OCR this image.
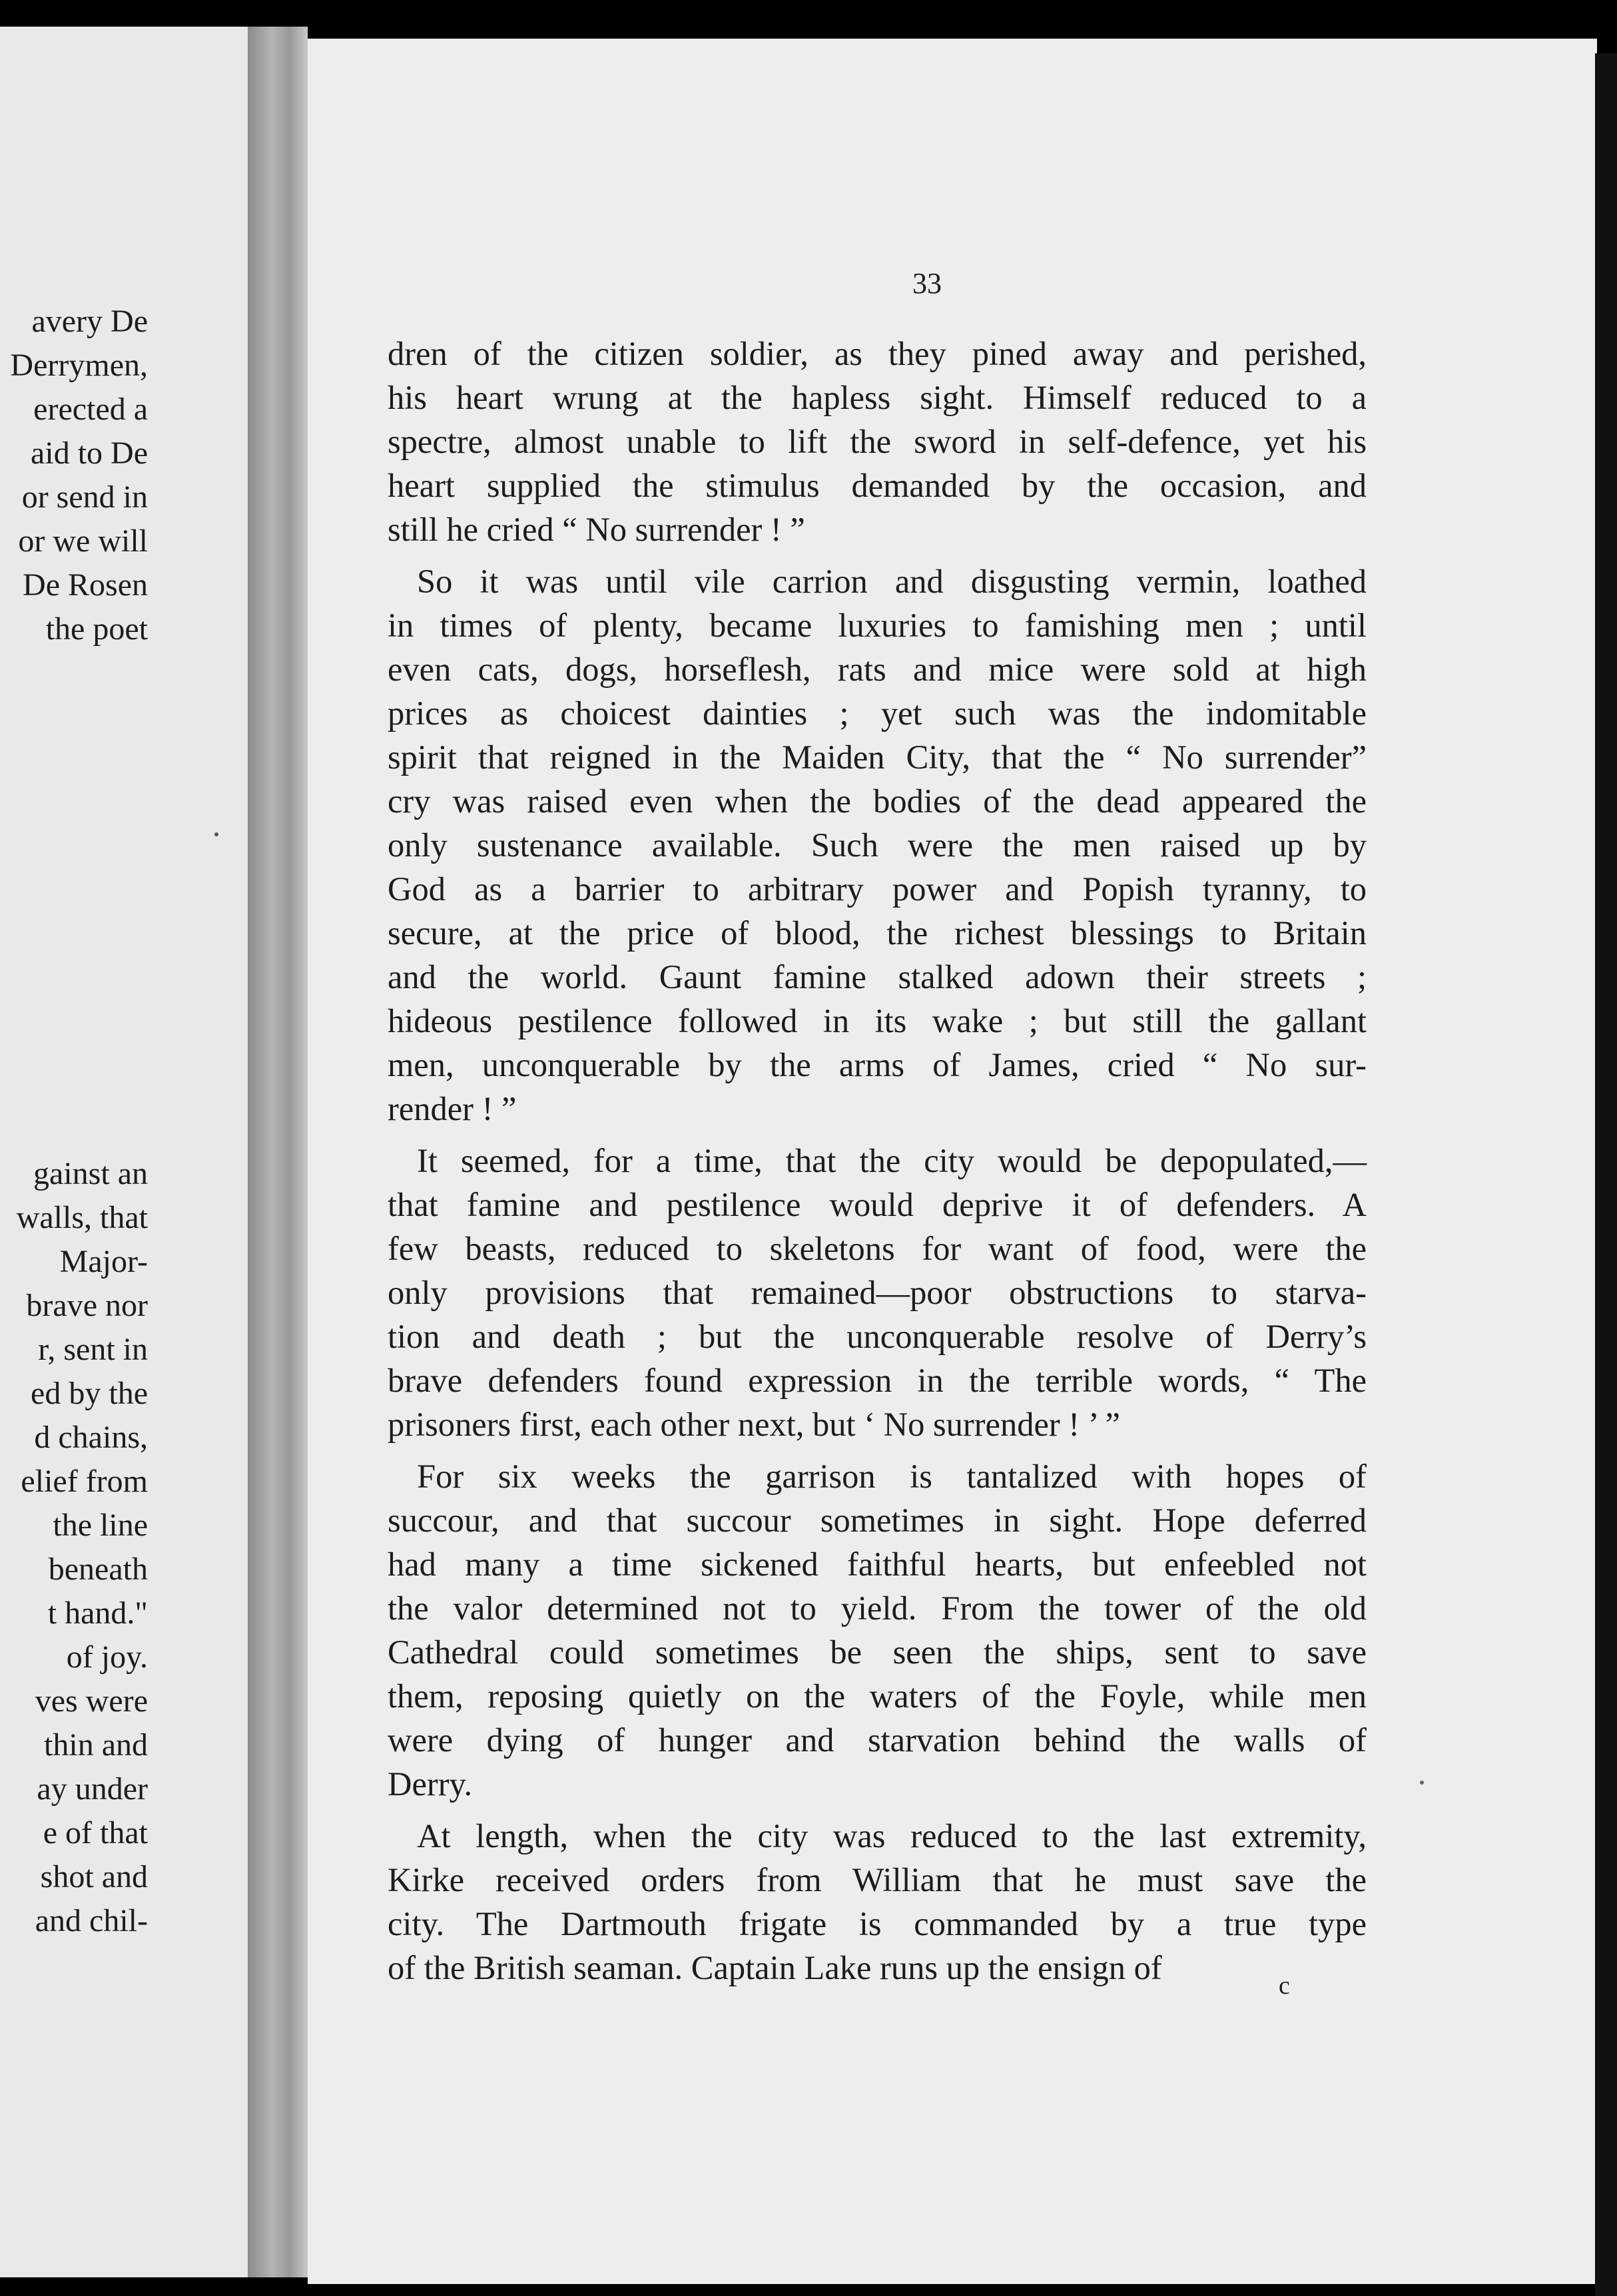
avery De
Derrymen,
erected a
aid to De
or send in
or we will
De Rosen
the poet
gainst an
walls, that
Major-
brave nor
r, sent in
ed by the
d chains,
elief from
the line
beneath
t hand."
of joy.
ves were
thin and
ay under
e of that
shot and
and chil-
33
dren of the citizen soldier, as they pined away and perished,
his heart wrung at the hapless sight. Himself reduced to a
spectre, almost unable to lift the sword in self-defence, yet his
heart supplied the stimulus demanded by the occasion, and
still he cried “ No surrender ! ”
So it was until vile carrion and disgusting vermin, loathed
in times of plenty, became luxuries to famishing men ; until
even cats, dogs, horseflesh, rats and mice were sold at high
prices as choicest dainties ; yet such was the indomitable
spirit that reigned in the Maiden City, that the “ No surrender”
cry was raised even when the bodies of the dead appeared the
only sustenance available. Such were the men raised up by
God as a barrier to arbitrary power and Popish tyranny, to
secure, at the price of blood, the richest blessings to Britain
and the world. Gaunt famine stalked adown their streets ;
hideous pestilence followed in its wake ; but still the gallant
men, unconquerable by the arms of James, cried “ No sur-
render ! ”
It seemed, for a time, that the city would be depopulated,—
that famine and pestilence would deprive it of defenders. A
few beasts, reduced to skeletons for want of food, were the
only provisions that remained—poor obstructions to starva-
tion and death ; but the unconquerable resolve of Derry’s
brave defenders found expression in the terrible words, “ The
prisoners first, each other next, but ‘ No surrender ! ’ ”
For six weeks the garrison is tantalized with hopes of
succour, and that succour sometimes in sight. Hope deferred
had many a time sickened faithful hearts, but enfeebled not
the valor determined not to yield. From the tower of the old
Cathedral could sometimes be seen the ships, sent to save
them, reposing quietly on the waters of the Foyle, while men
were dying of hunger and starvation behind the walls of
Derry.
At length, when the city was reduced to the last extremity,
Kirke received orders from William that he must save the
city. The Dartmouth frigate is commanded by a true type
of the British seaman. Captain Lake runs up the ensign of	c
